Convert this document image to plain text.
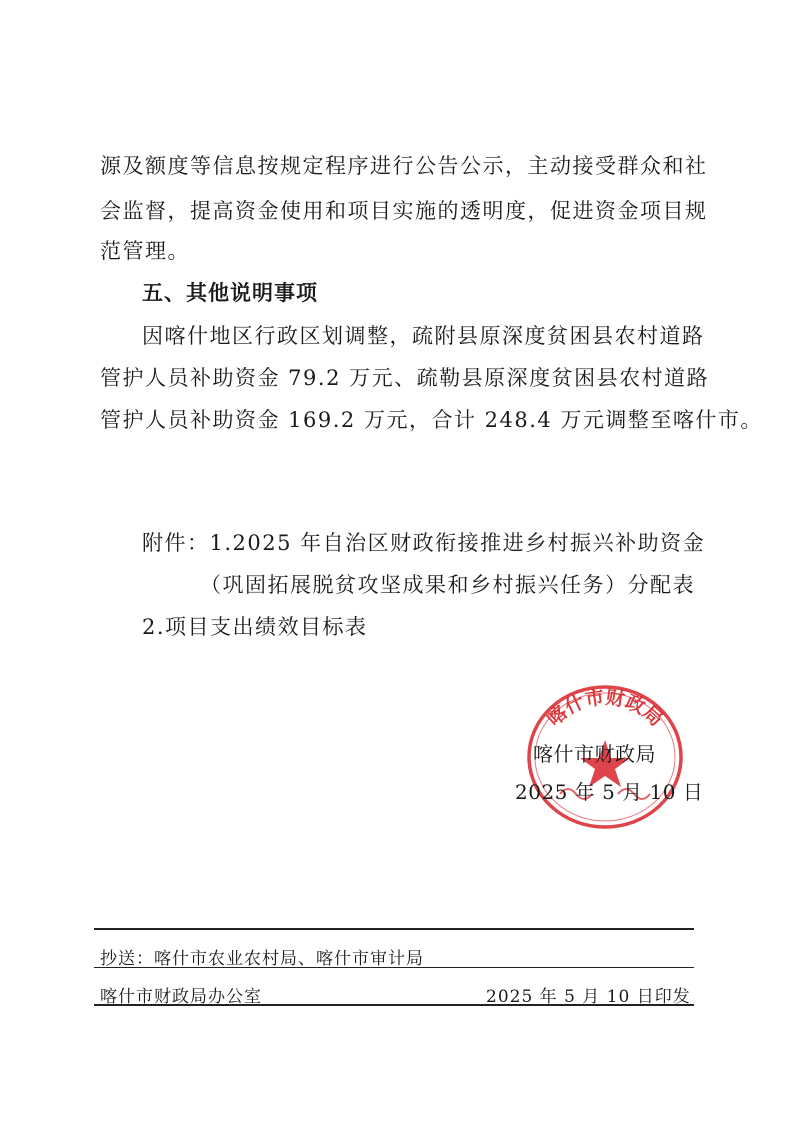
源及额度等信息按规定程序进行公告公示，主动接受群众和社
会监督，提高资金使用和项目实施的透明度，促进资金项目规
范管理。
五、其他说明事项
因喀什地区行政区划调整，疏附县原深度贫困县农村道路
管护人员补助资金 79.2 万元、疏勒县原深度贫困县农村道路
管护人员补助资金 169.2 万元，合计 248.4 万元调整至喀什市。
附件：1.2025 年自治区财政衔接推进乡村振兴补助资金
（巩固拓展脱贫攻坚成果和乡村振兴任务）分配表
2.项目支出绩效目标表
喀什市财政局
喀什市财政局
2025 年 5 月 10 日
抄送：喀什市农业农村局、喀什市审计局
喀什市财政局办公室	2025 年 5 月 10 日印发
